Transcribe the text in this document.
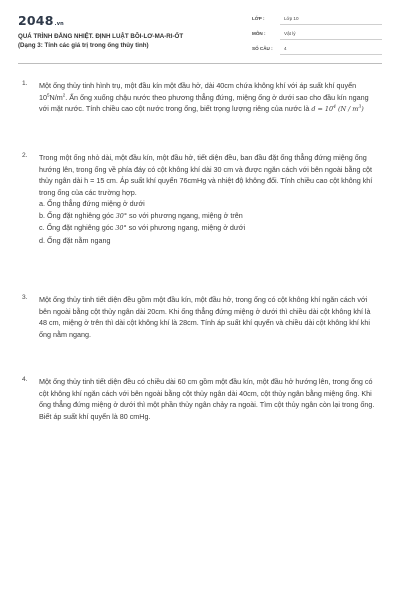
2048.vn
QUÁ TRÌNH ĐẲNG NHIỆT. ĐỊNH LUẬT BÔI-LƠ-MA-RI-ỐT
(Dạng 3: Tính các giá trị trong ống thủy tinh)
LỚP :	Lớp 10
MÔN :	Vật lý
SỐ CÂU : 4
1. Một ống thủy tinh hình trụ, một đầu kín một đầu hở, dài 40cm chứa không khí với áp suất khí quyển $10^5N/m^2$. Ấn ống xuống chậu nước theo phương thẳng đứng, miệng ống ở dưới sao cho đầu kín ngang với mặt nước. Tính chiều cao cột nước trong ống, biết trọng lượng riêng của nước là $d = 10^4$ $(N / m^3)$

2. Trong một ống nhỏ dài, một đầu kín, một đầu hở, tiết diện đều, ban đầu đặt ống thẳng đứng miệng ống hướng lên, trong ống về phía đáy có cột không khí dài 30 cm và được ngăn cách với bên ngoài bằng cột thủy ngân dài h = 15 cm. Áp suất khí quyển 76cmHg và nhiệt độ không đổi. Tính chiều cao cột không khí trong ống của các trường hợp.

a. Ống thẳng đứng miệng ở dưới
b. Ống đặt nghiêng góc 30° so với phương ngang, miệng ở trên
c. Ống đặt nghiêng góc 30° so với phương ngang, miệng ở dưới
d. Ống đặt nằm ngang
3. Một ống thủy tinh tiết diện đều gồm một đầu kín, một đầu hở, trong ống có cột không khí ngăn cách với bên ngoài bằng cột thủy ngân dài 20cm. Khi ống thẳng đứng miệng ở dưới thì chiều dài cột không khí là 48 cm, miệng ở trên thì dài cột không khí là 28cm. Tính áp suất khí quyển và chiều dài cột không khí khi ống nằm ngang.

4. Một ống thủy tinh tiết diện đều có chiều dài 60 cm gồm một đầu kín, một đầu hở hướng lên, trong ống có cột không khí ngăn cách với bên ngoài bằng cột thủy ngân dài 40cm, cột thủy ngân bằng miệng ống. Khi ống thẳng đứng miệng ở dưới thì một phần thủy ngân chảy ra ngoài. Tìm cột thủy ngân còn lại trong ống. Biết áp suất khí quyển là 80 cmHg.
